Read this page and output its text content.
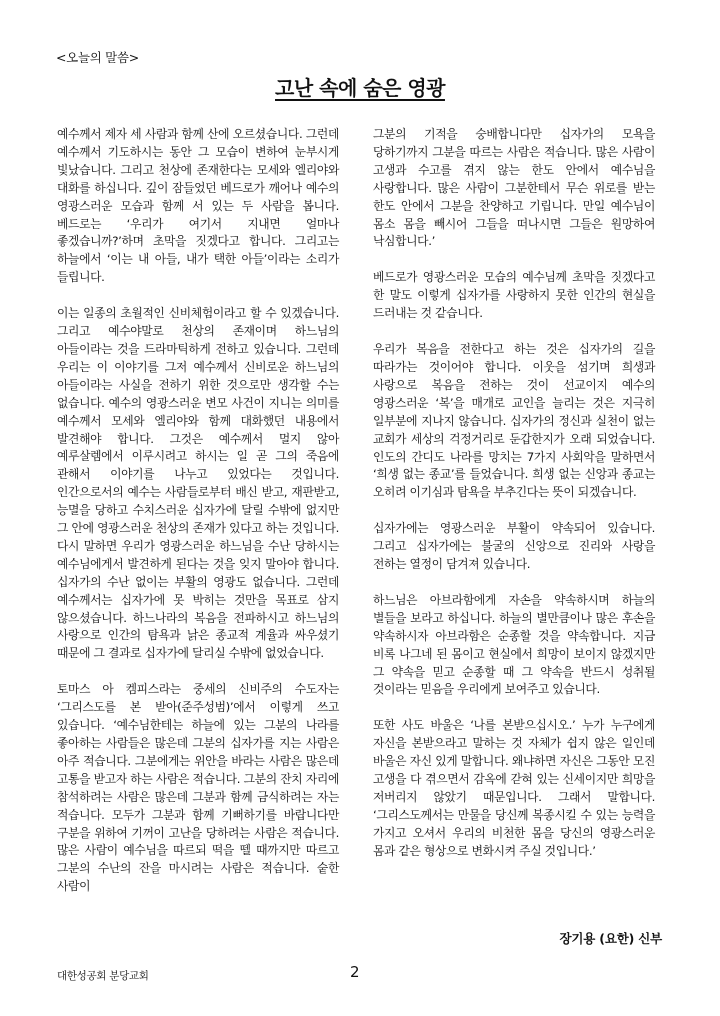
<오늘의 말씀>
고난 속에 숨은 영광

예수께서 제자 세 사람과 함께 산에 오르셨습니다. 그런데 예수께서 기도하시는 동안 그 모습이 변하여 눈부시게 빛났습니다. 그리고 천상에 존재한다는 모세와 엘리야와 대화를 하십니다. 깊이 잠들었던 베드로가 깨어나 예수의 영광스러운 모습과 함께 서 있는 두 사람을 봅니다. 베드로는 ‘우리가 여기서 지내면 얼마나 좋겠습니까?’하며 초막을 짓겠다고 합니다. 그리고는 하늘에서 ‘이는 내 아들, 내가 택한 아들’이라는 소리가 들립니다.

이는 일종의 초월적인 신비체험이라고 할 수 있겠습니다. 그리고 예수야말로 천상의 존재이며 하느님의 아들이라는 것을 드라마틱하게 전하고 있습니다. 그런데 우리는 이 이야기를 그저 예수께서 신비로운 하느님의 아들이라는 사실을 전하기 위한 것으로만 생각할 수는 없습니다. 예수의 영광스러운 변모 사건이 지니는 의미를 예수께서 모세와 엘리야와 함께 대화했던 내용에서 발견해야 합니다. 그것은 예수께서 멀지 않아 예루살렘에서 이루시려고 하시는 일 곧 그의 죽음에 관해서 이야기를 나누고 있었다는 것입니다. 인간으로서의 예수는 사람들로부터 배신 받고, 재판받고, 능멸을 당하고 수치스러운 십자가에 달릴 수밖에 없지만 그 안에 영광스러운 천상의 존재가 있다고 하는 것입니다. 다시 말하면 우리가 영광스러운 하느님을 수난 당하시는 예수님에게서 발견하게 된다는 것을 잊지 말아야 합니다. 십자가의 수난 없이는 부활의 영광도 없습니다. 그런데 예수께서는 십자가에 못 박히는 것만을 목표로 삼지 않으셨습니다. 하느나라의 복음을 전파하시고 하느님의 사랑으로 인간의 탐욕과 낡은 종교적 계율과 싸우셨기 때문에 그 결과로 십자가에 달리실 수밖에 없었습니다.

토마스 아 켐피스라는 중세의 신비주의 수도자는 ‘그리스도를 본 받아(준주성범)’에서 이렇게 쓰고 있습니다. ‘예수님한테는 하늘에 있는 그분의 나라를 좋아하는 사람들은 많은데 그분의 십자가를 지는 사람은 아주 적습니다. 그분에게는 위안을 바라는 사람은 많은데 고통을 받고자 하는 사람은 적습니다. 그분의 잔치 자리에 참석하려는 사람은 많은데 그분과 함께 금식하려는 자는 적습니다. 모두가 그분과 함께 기뻐하기를 바랍니다만 구분을 위하여 기꺼이 고난을 당하려는 사람은 적습니다. 많은 사람이 예수님을 따르되 떡을 뗄 때까지만 따르고 그분의 수난의 잔을 마시려는 사람은 적습니다. 숱한 사람이

그분의 기적을 숭배합니다만 십자가의 모욕을 당하기까지 그분을 따르는 사람은 적습니다. 많은 사람이 고생과 수고를 겪지 않는 한도 안에서 예수님을 사랑합니다. 많은 사람이 그분한테서 무슨 위로를 받는 한도 안에서 그분을 찬양하고 기립니다. 만일 예수님이 몸소 몸을 빼시어 그들을 떠나시면 그들은 원망하여 낙심합니다.’

베드로가 영광스러운 모습의 예수님께 초막을 짓겠다고 한 말도 이렇게 십자가를 사랑하지 못한 인간의 현실을 드러내는 것 같습니다.

우리가 복음을 전한다고 하는 것은 십자가의 길을 따라가는 것이어야 합니다. 이웃을 섬기며 희생과 사랑으로 복음을 전하는 것이 선교이지 예수의 영광스러운 ‘복’을 매개로 교인을 늘리는 것은 지극히 일부분에 지나지 않습니다. 십자가의 정신과 실천이 없는 교회가 세상의 걱정거리로 둔갑한지가 오래 되었습니다. 인도의 간디도 나라를 망치는 7가지 사회악을 말하면서 ‘희생 없는 종교’를 들었습니다. 희생 없는 신앙과 종교는 오히려 이기심과 탐욕을 부추긴다는 뜻이 되겠습니다.

십자가에는 영광스러운 부활이 약속되어 있습니다. 그리고 십자가에는 불굴의 신앙으로 진리와 사랑을 전하는 열정이 담겨져 있습니다.

하느님은 아브라함에게 자손을 약속하시며 하늘의 별들을 보라고 하십니다. 하늘의 별만큼이나 많은 후손을 약속하시자 아브라함은 순종할 것을 약속합니다. 지금 비록 나그네 된 몸이고 현실에서 희망이 보이지 않겠지만 그 약속을 믿고 순종할 때 그 약속을 반드시 성취될 것이라는 믿음을 우리에게 보여주고 있습니다.

또한 사도 바울은 ‘나를 본받으십시오.’ 누가 누구에게 자신을 본받으라고 말하는 것 자체가 쉽지 않은 일인데 바울은 자신 있게 말합니다. 왜냐하면 자신은 그동안 모진 고생을 다 겪으면서 감옥에 갇혀 있는 신세이지만 희망을 저버리지 않았기 때문입니다. 그래서 말합니다. ‘그리스도께서는 만물을 당신께 복종시킬 수 있는 능력을 가지고 오셔서 우리의 비천한 몸을 당신의 영광스러운 몸과 같은 형상으로 변화시켜 주실 것입니다.’

장기용 (요한) 신부
대한성공회 분당교회	2
